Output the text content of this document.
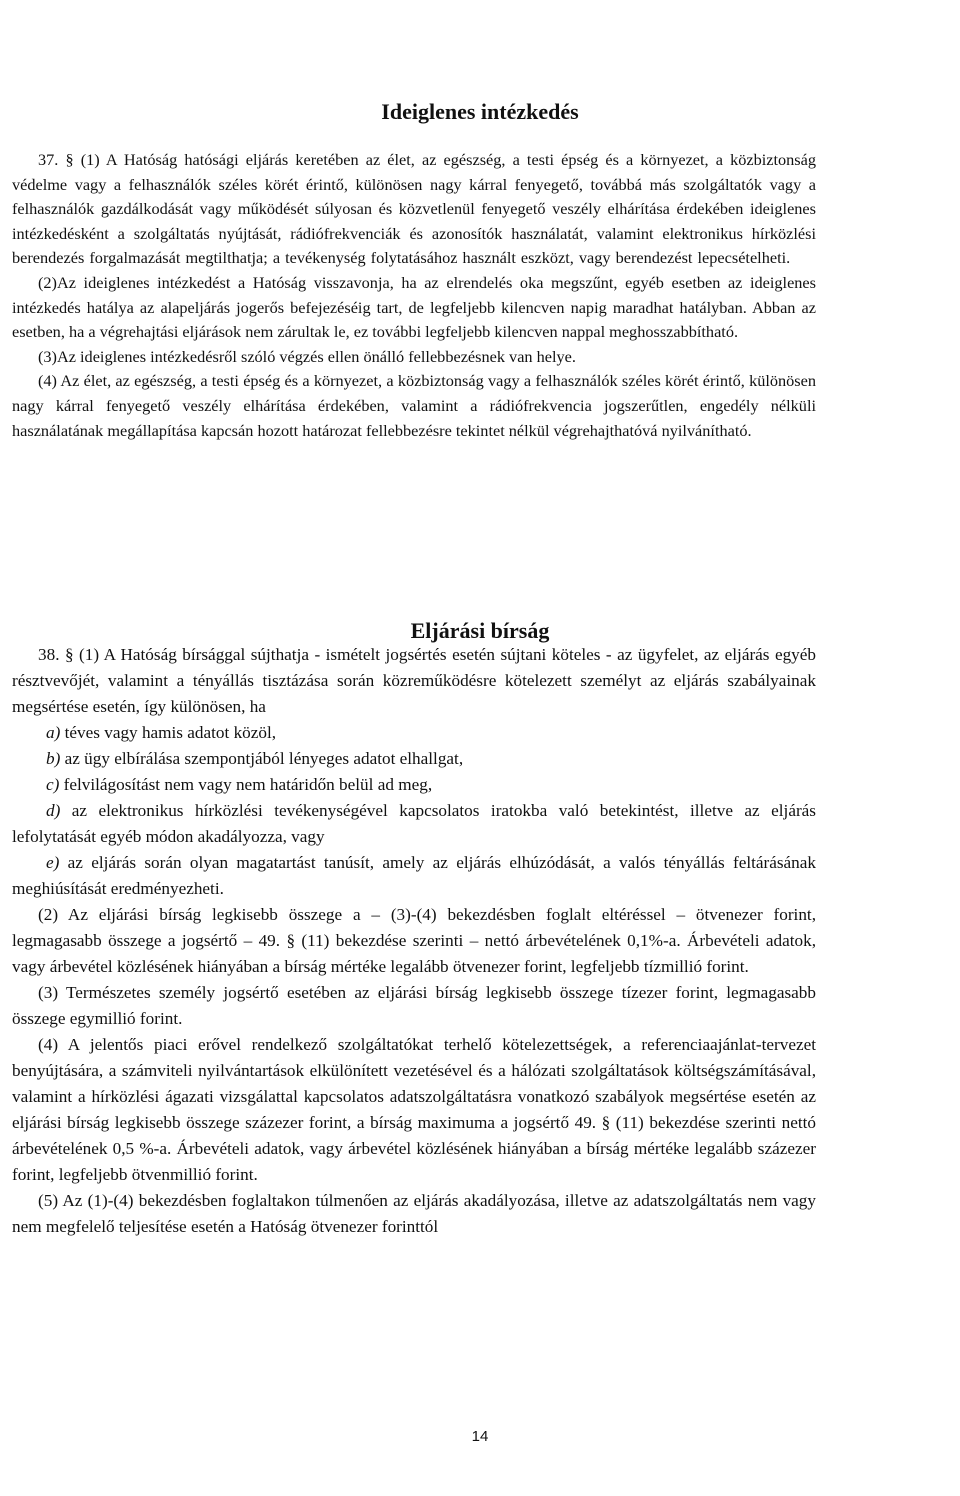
Ideiglenes intézkedés

37. § (1) A Hatóság hatósági eljárás keretében az élet, az egészség, a testi épség és a környezet, a közbiztonság védelme vagy a felhasználók széles körét érintő, különösen nagy kárral fenyegető, továbbá más szolgáltatók vagy a felhasználók gazdálkodását vagy működését súlyosan és közvetlenül fenyegető veszély elhárítása érdekében ideiglenes intézkedésként a szolgáltatás nyújtását, rádiófrekvenciák és azonosítók használatát, valamint elektronikus hírközlési berendezés forgalmazását megtilthatja; a tevékenység folytatásához használt eszközt, vagy berendezést lepecsételheti.

(2)Az ideiglenes intézkedést a Hatóság visszavonja, ha az elrendelés oka megszűnt, egyéb esetben az ideiglenes intézkedés hatálya az alapeljárás jogerős befejezéséig tart, de legfeljebb kilencven napig maradhat hatályban. Abban az esetben, ha a végrehajtási eljárások nem zárultak le, ez további legfeljebb kilencven nappal meghosszabbítható.

(3)Az ideiglenes intézkedésről szóló végzés ellen önálló fellebbezésnek van helye.

(4) Az élet, az egészség, a testi épség és a környezet, a közbiztonság vagy a felhasználók széles körét érintő, különösen nagy kárral fenyegető veszély elhárítása érdekében, valamint a rádiófrekvencia jogszerűtlen, engedély nélküli használatának megállapítása kapcsán hozott határozat fellebbezésre tekintet nélkül végrehajthatóvá nyilvánítható.

Eljárási bírság

38. § (1) A Hatóság bírsággal sújthatja - ismételt jogsértés esetén sújtani köteles - az ügyfelet, az eljárás egyéb résztvevőjét, valamint a tényállás tisztázása során közreműködésre kötelezett személyt az eljárás szabályainak megsértése esetén, így különösen, ha

a) téves vagy hamis adatot közöl,

b) az ügy elbírálása szempontjából lényeges adatot elhallgat,

c) felvilágosítást nem vagy nem határidőn belül ad meg,

d) az elektronikus hírközlési tevékenységével kapcsolatos iratokba való betekintést, illetve az eljárás lefolytatását egyéb módon akadályozza, vagy

e) az eljárás során olyan magatartást tanúsít, amely az eljárás elhúzódását, a valós tényállás feltárásának meghiúsítását eredményezheti.

(2) Az eljárási bírság legkisebb összege a – (3)-(4) bekezdésben foglalt eltéréssel – ötvenezer forint, legmagasabb összege a jogsértő – 49. § (11) bekezdése szerinti – nettó árbevételének 0,1%-a. Árbevételi adatok, vagy árbevétel közlésének hiányában a bírság mértéke legalább ötvenezer forint, legfeljebb tízmillió forint.

(3) Természetes személy jogsértő esetében az eljárási bírság legkisebb összege tízezer forint, legmagasabb összege egymillió forint.

(4) A jelentős piaci erővel rendelkező szolgáltatókat terhelő kötelezettségek, a referenciaajánlat-tervezet benyújtására, a számviteli nyilvántartások elkülönített vezetésével és a hálózati szolgáltatások költségszámításával, valamint a hírközlési ágazati vizsgálattal kapcsolatos adatszolgáltatásra vonatkozó szabályok megsértése esetén az eljárási bírság legkisebb összege százezer forint, a bírság maximuma a jogsértő 49. § (11) bekezdése szerinti nettó árbevételének 0,5 %-a. Árbevételi adatok, vagy árbevétel közlésének hiányában a bírság mértéke legalább százezer forint, legfeljebb ötvenmillió forint.

(5) Az (1)-(4) bekezdésben foglaltakon túlmenően az eljárás akadályozása, illetve az adatszolgáltatás nem vagy nem megfelelő teljesítése esetén a Hatóság ötvenezer forinttól

14
